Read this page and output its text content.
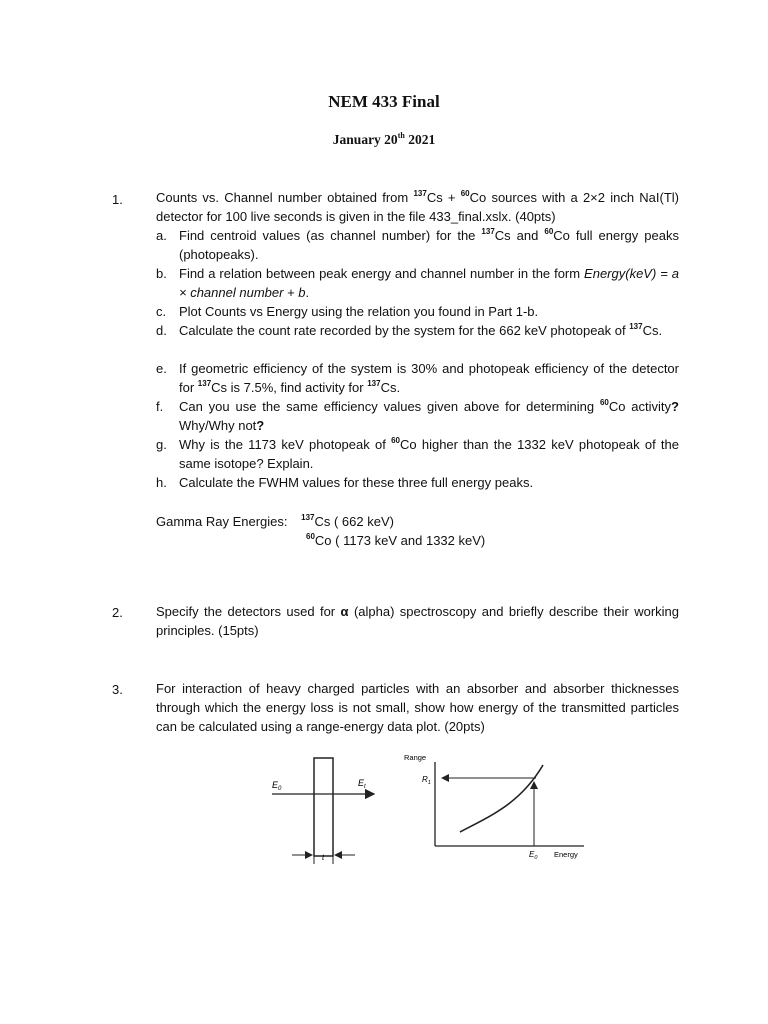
NEM 433 Final
January 20th 2021
1.	Counts vs. Channel number obtained from $^{137}$Cs + $^{60}$Co sources with a 2×2 inch NaI(Tl) detector for 100 live seconds is given in the file 433_final.xslx. (40pts)
a. Find centroid values (as channel number) for the $^{137}$Cs and $^{60}$Co full energy peaks (photopeaks).
b. Find a relation between peak energy and channel number in the form Energy(keV) = a × channel number + b.
c. Plot Counts vs Energy using the relation you found in Part 1-b.
d. Calculate the count rate recorded by the system for the 662 keV photopeak of $^{137}$Cs.
e. If geometric efficiency of the system is 30% and photopeak efficiency of the detector for $^{137}$Cs is 7.5%, find activity for $^{137}$Cs.
f. Can you use the same efficiency values given above for determining $^{60}$Co activity? Why/Why not?
g. Why is the 1173 keV photopeak of $^{60}$Co higher than the 1332 keV photopeak of the same isotope? Explain.
h. Calculate the FWHM values for these three full energy peaks.
Gamma Ray Energies: $^{137}$Cs ( 662 keV)
$^{60}$Co ( 1173 keV and 1332 keV)
2.	Specify the detectors used for α (alpha) spectroscopy and briefly describe their working principles. (15pts)
3.	For interaction of heavy charged particles with an absorber and absorber thicknesses through which the energy loss is not small, show how energy of the transmitted particles can be calculated using a range-energy data plot. (20pts)
$E_0$
$E_t$
t
Range
$R_1$
$E_0$ Energy
